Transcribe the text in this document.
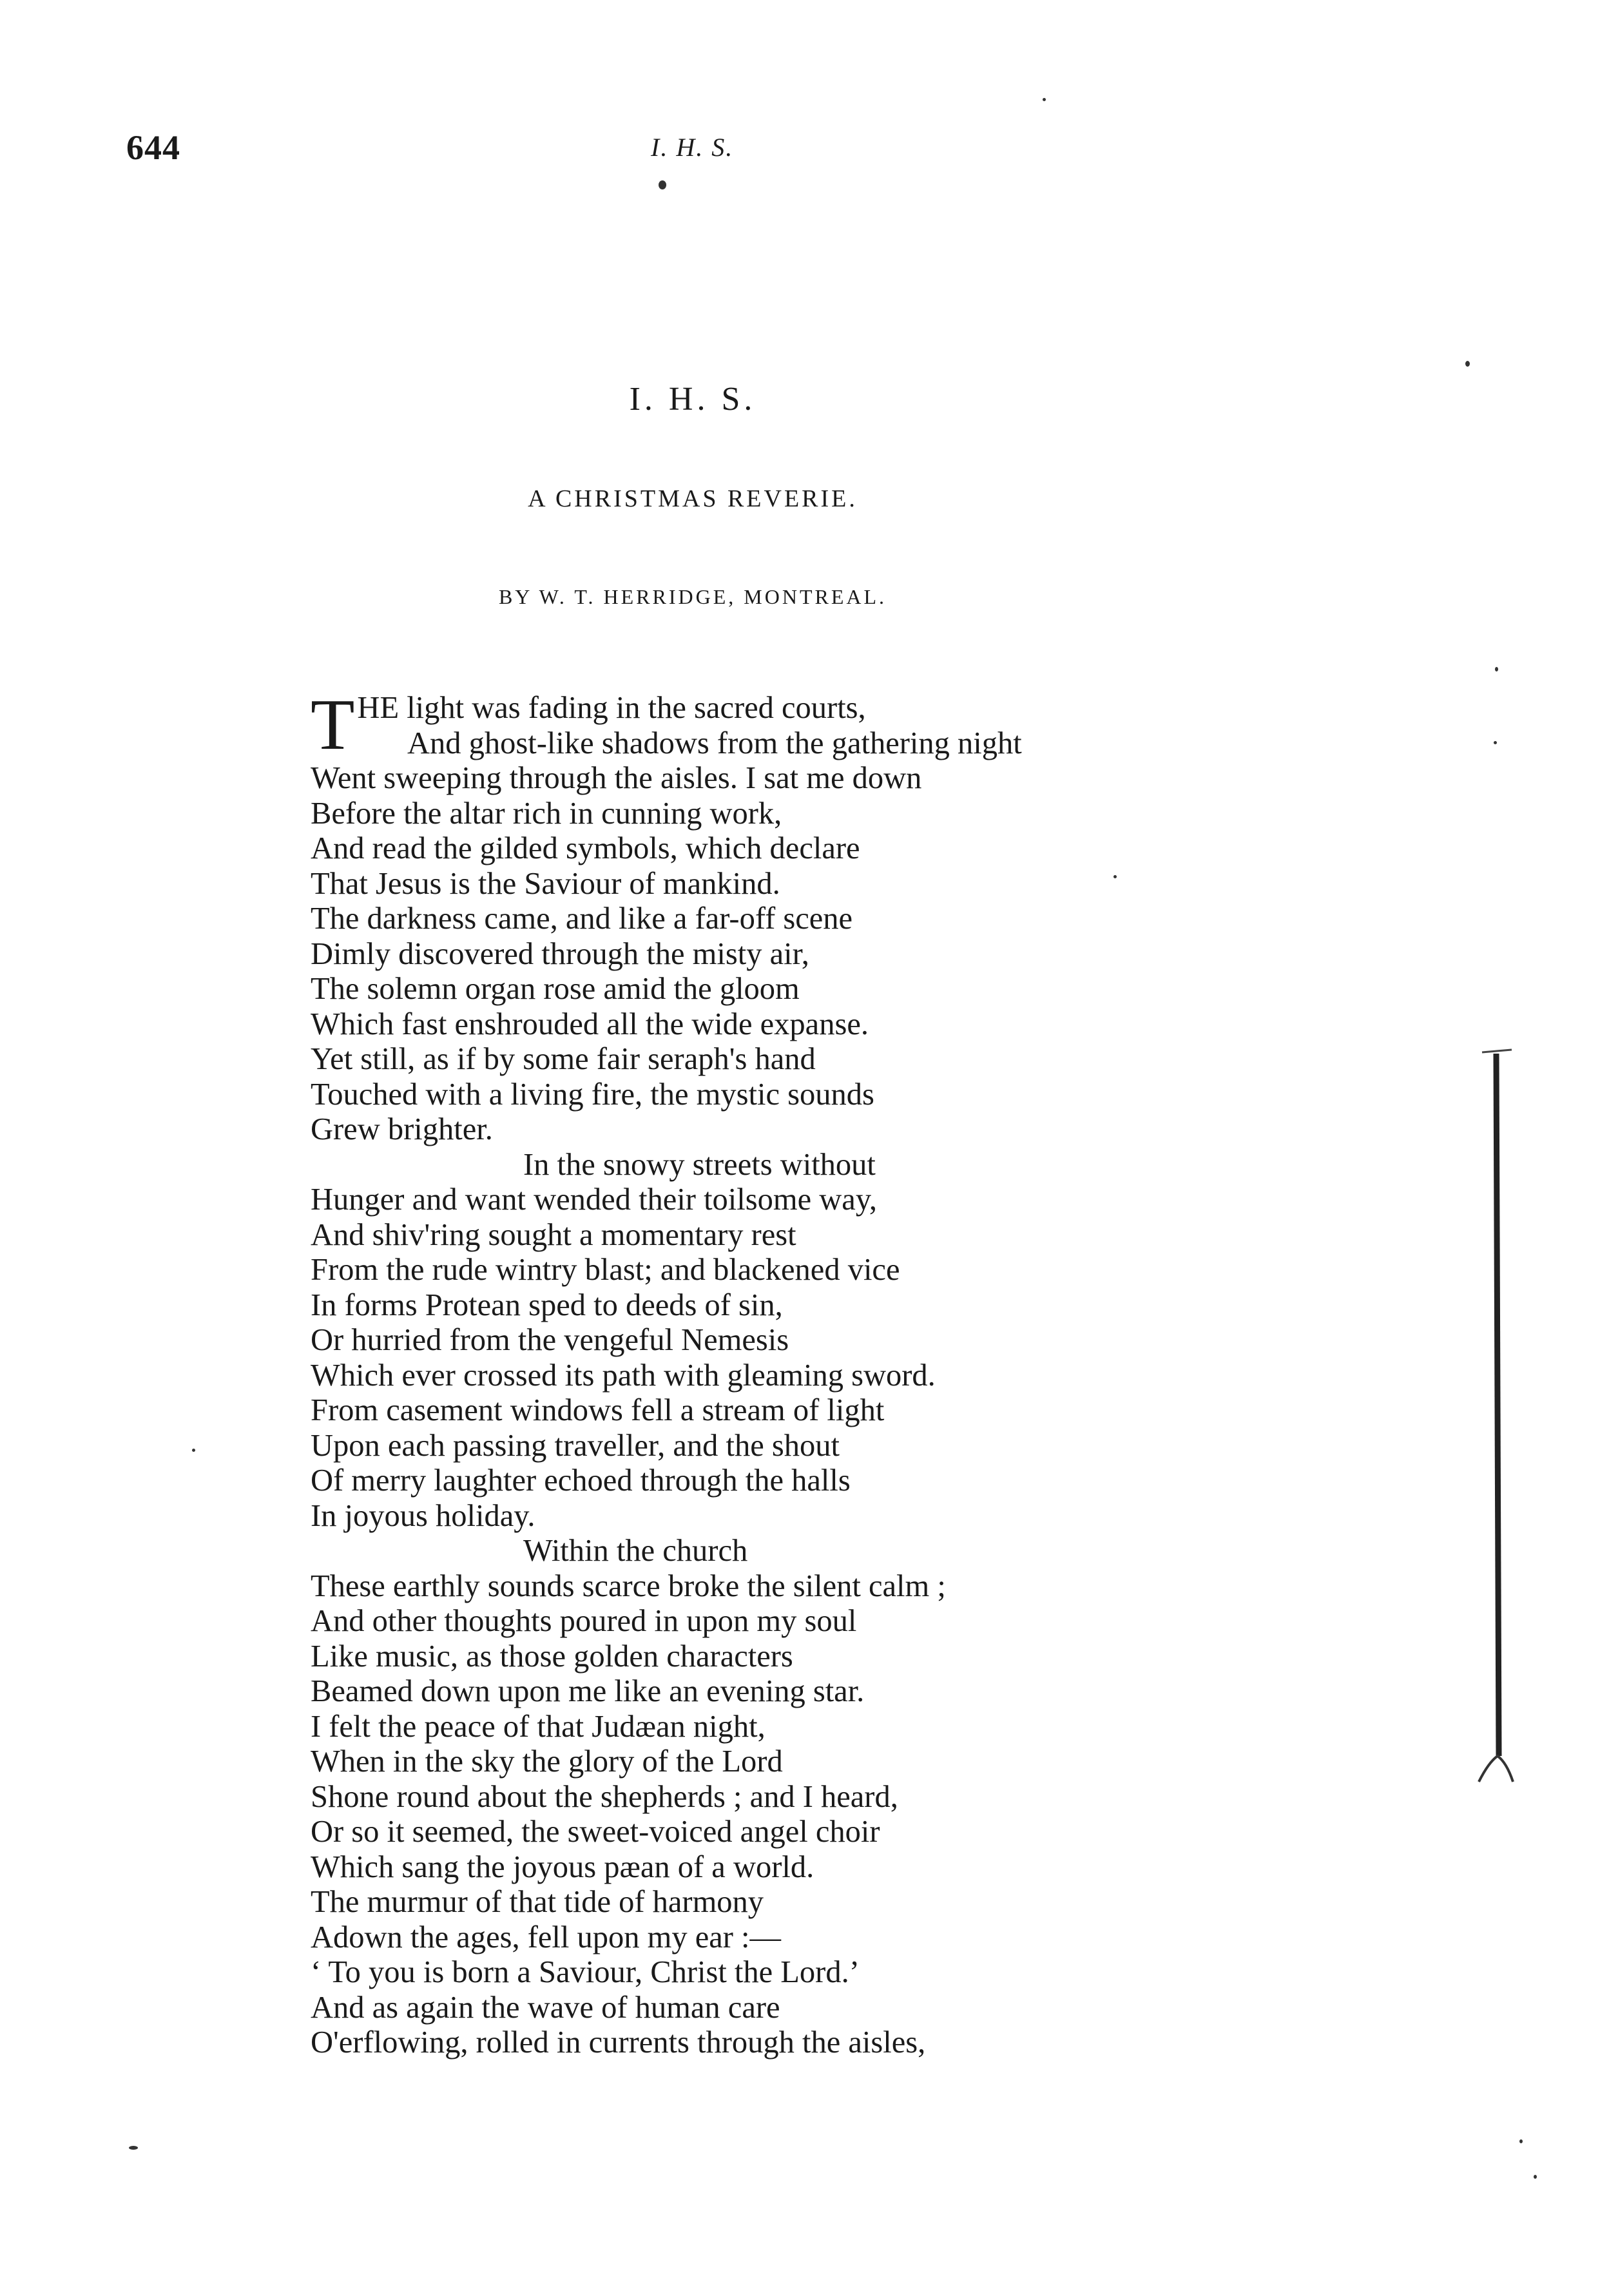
644	I. H. S.
I. H. S.
A CHRISTMAS REVERIE.
BY W. T. HERRIDGE, MONTREAL.
T HE light was fading in the sacred courts,
And ghost-like shadows from the gathering night
Went sweeping through the aisles. I sat me down
Before the altar rich in cunning work,
And read the gilded symbols, which declare
That Jesus is the Saviour of mankind.
The darkness came, and like a far-off scene
Dimly discovered through the misty air,
The solemn organ rose amid the gloom
Which fast enshrouded all the wide expanse.
Yet still, as if by some fair seraph's hand
Touched with a living fire, the mystic sounds
Grew brighter.
In the snowy streets without
Hunger and want wended their toilsome way,
And shiv'ring sought a momentary rest
From the rude wintry blast; and blackened vice
In forms Protean sped to deeds of sin,
Or hurried from the vengeful Nemesis
Which ever crossed its path with gleaming sword.
From casement windows fell a stream of light
Upon each passing traveller, and the shout
Of merry laughter echoed through the halls
In joyous holiday.
Within the church
These earthly sounds scarce broke the silent calm ;
And other thoughts poured in upon my soul
Like music, as those golden characters
Beamed down upon me like an evening star.
I felt the peace of that Judæan night,
When in the sky the glory of the Lord
Shone round about the shepherds ; and I heard,
Or so it seemed, the sweet-voiced angel choir
Which sang the joyous pæan of a world.
The murmur of that tide of harmony
Adown the ages, fell upon my ear :—
‘ To you is born a Saviour, Christ the Lord.’
And as again the wave of human care
O'erflowing, rolled in currents through the aisles,
